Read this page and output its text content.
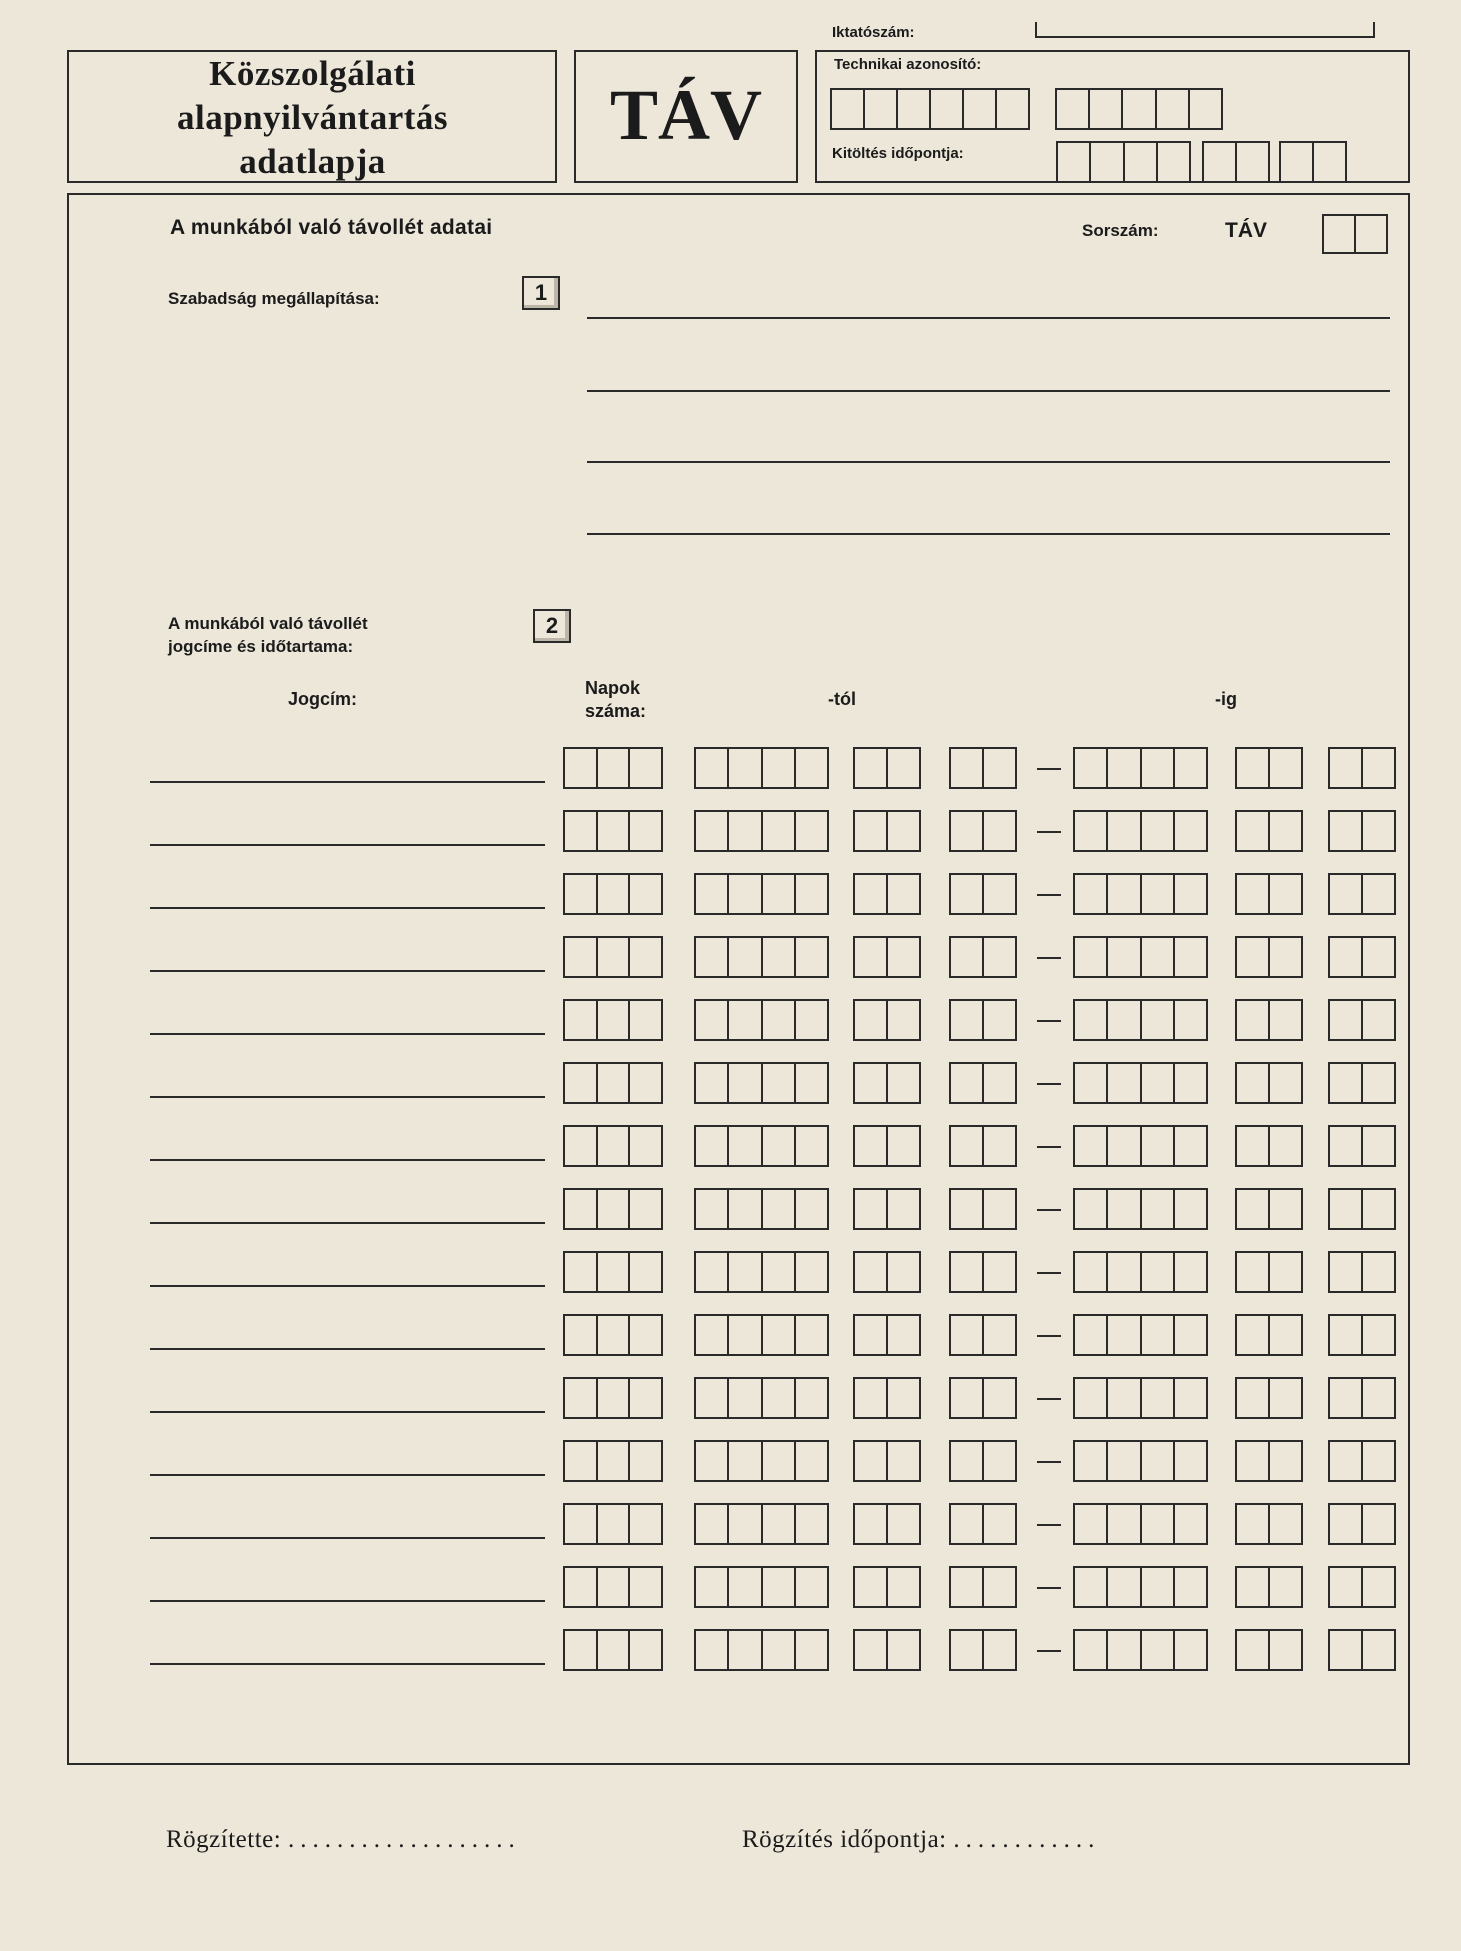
Közszolgálati
alapnyilvántartás
adatlapja
TÁV
Iktatószám:
Technikai azonosító:
Kitöltés időpontja:
A munkából való távollét adatai	Sorszám:	TÁV
Szabadság megállapítása:	1
A munkából való távollét
jogcíme és időtartama:
2
Jogcím:
Napok
száma:
-tól	-ig
Rögzítette: ...................	Rögzítés időpontja: ............
